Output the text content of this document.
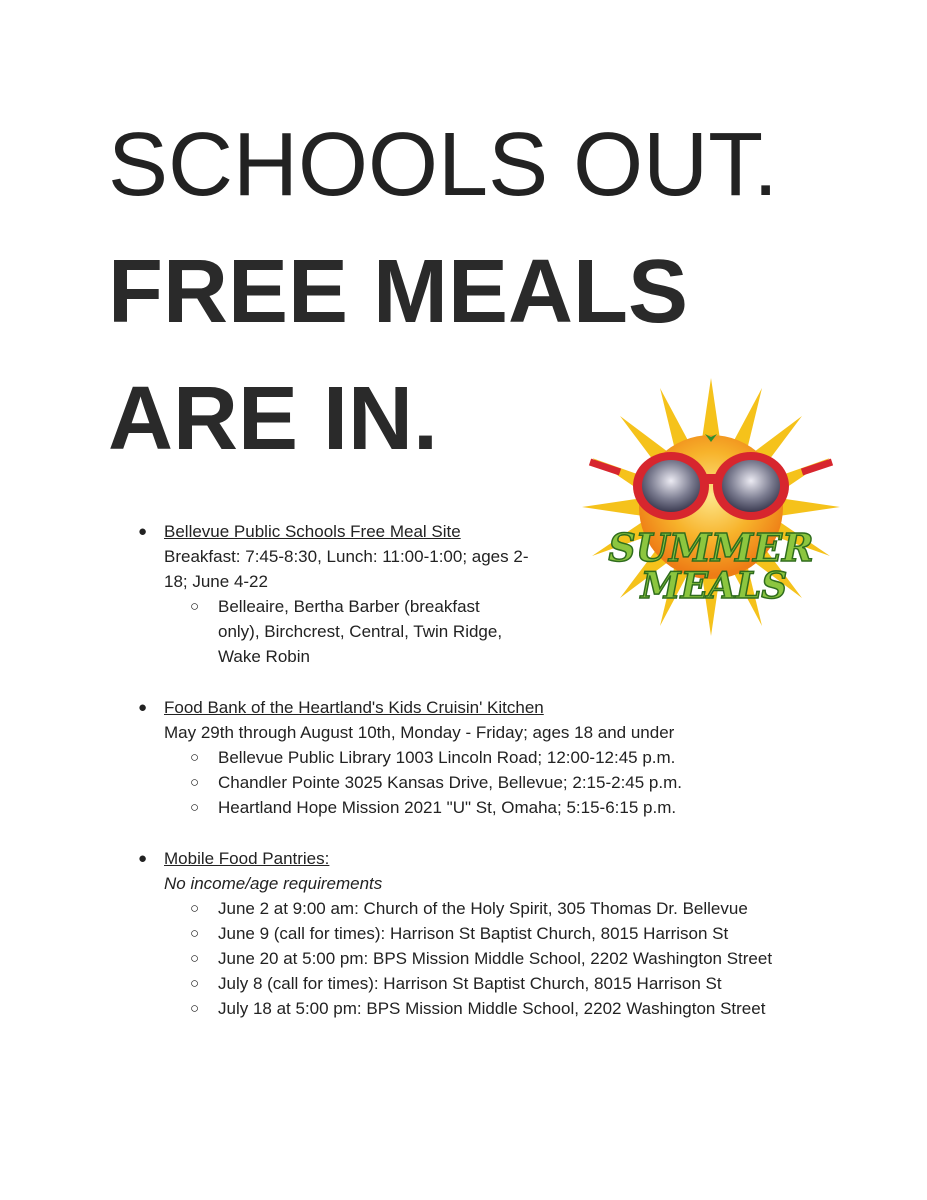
SCHOOLS OUT.
FREE MEALS
ARE IN.
SUMMER
MEALS
● Bellevue Public Schools Free Meal Site
Breakfast: 7:45-8:30, Lunch: 11:00-1:00; ages 2-18; June 4-22
○ Belleaire, Bertha Barber (breakfast only), Birchcrest, Central, Twin Ridge, Wake Robin
● Food Bank of the Heartland's Kids Cruisin' Kitchen
May 29th through August 10th, Monday - Friday; ages 18 and under
○ Bellevue Public Library 1003 Lincoln Road; 12:00-12:45 p.m.
○ Chandler Pointe 3025 Kansas Drive, Bellevue; 2:15-2:45 p.m.
○ Heartland Hope Mission 2021 "U" St, Omaha; 5:15-6:15 p.m.
● Mobile Food Pantries:
No income/age requirements
○ June 2 at 9:00 am: Church of the Holy Spirit, 305 Thomas Dr. Bellevue
○ June 9 (call for times): Harrison St Baptist Church, 8015 Harrison St
○ June 20 at 5:00 pm: BPS Mission Middle School, 2202 Washington Street
○ July 8 (call for times): Harrison St Baptist Church, 8015 Harrison St
○ July 18 at 5:00 pm: BPS Mission Middle School, 2202 Washington Street
